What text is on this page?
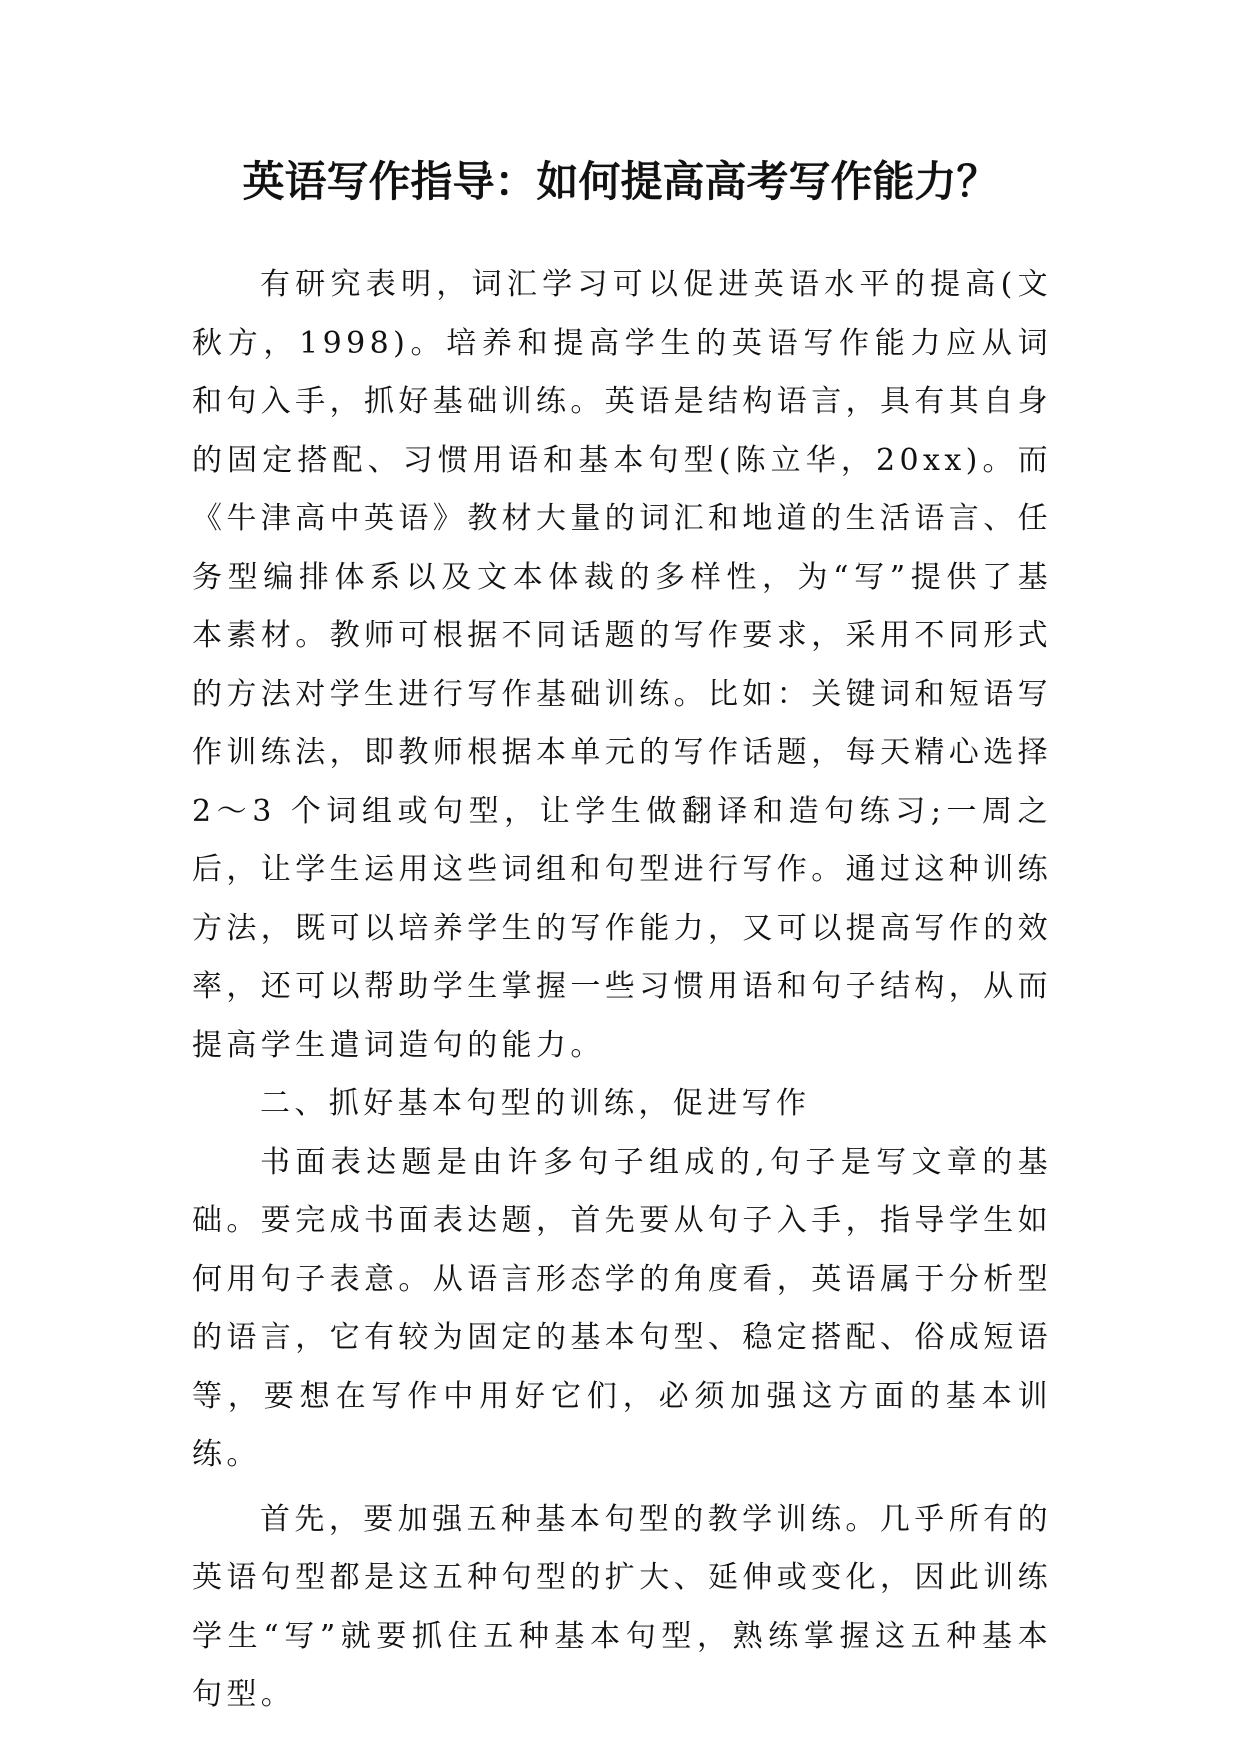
英语写作指导：如何提高高考写作能力？

有研究表明，词汇学习可以促进英语水平的提高(文秋方，1998)。培养和提高学生的英语写作能力应从词和句入手，抓好基础训练。英语是结构语言，具有其自身的固定搭配、习惯用语和基本句型(陈立华，20xx)。而《牛津高中英语》教材大量的词汇和地道的生活语言、任务型编排体系以及文本体裁的多样性，为“写”提供了基本素材。教师可根据不同话题的写作要求，采用不同形式的方法对学生进行写作基础训练。比如：关键词和短语写作训练法，即教师根据本单元的写作话题，每天精心选择 2～3 个词组或句型，让学生做翻译和造句练习;一周之后，让学生运用这些词组和句型进行写作。通过这种训练方法，既可以培养学生的写作能力，又可以提高写作的效率，还可以帮助学生掌握一些习惯用语和句子结构，从而提高学生遣词造句的能力。

二、抓好基本句型的训练，促进写作

书面表达题是由许多句子组成的,句子是写文章的基础。要完成书面表达题，首先要从句子入手，指导学生如何用句子表意。从语言形态学的角度看，英语属于分析型的语言，它有较为固定的基本句型、稳定搭配、俗成短语等，要想在写作中用好它们，必须加强这方面的基本训练。

首先，要加强五种基本句型的教学训练。几乎所有的英语句型都是这五种句型的扩大、延伸或变化，因此训练学生“写”就要抓住五种基本句型，熟练掌握这五种基本句型。
